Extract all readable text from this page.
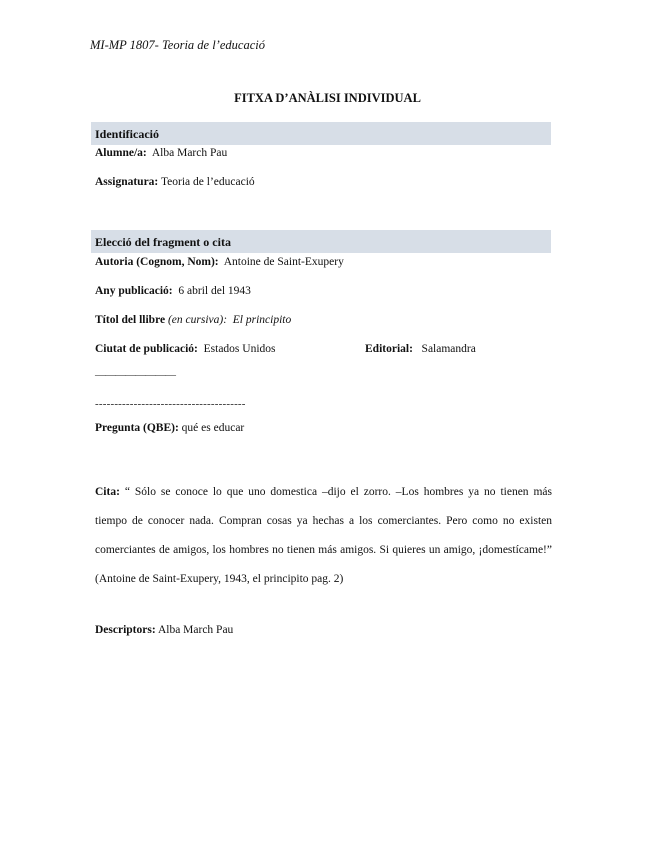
MI-MP 1807- Teoria de l’educació
FITXA D’ANÀLISI INDIVIDUAL
Identificació
Alumne/a: Alba March Pau
Assignatura: Teoria de l’educació
Elecció del fragment o cita
Autoria (Cognom, Nom): Antoine de Saint-Exupery
Any publicació: 6 abril del 1943
Títol del llibre (en cursiva): El principito
Ciutat de publicació: Estados Unidos	Editorial: Salamandra
————————
---------------------------------------
Pregunta (QBE): qué es educar
Cita: “ Sólo se conoce lo que uno domestica –dijo el zorro. –Los hombres ya no tienen más tiempo de conocer nada. Compran cosas ya hechas a los comerciantes. Pero como no existen comerciantes de amigos, los hombres no tienen más amigos. Si quieres un amigo, ¡domestícame!” (Antoine de Saint-Exupery, 1943, el principito pag. 2)
Descriptors: Alba March Pau
